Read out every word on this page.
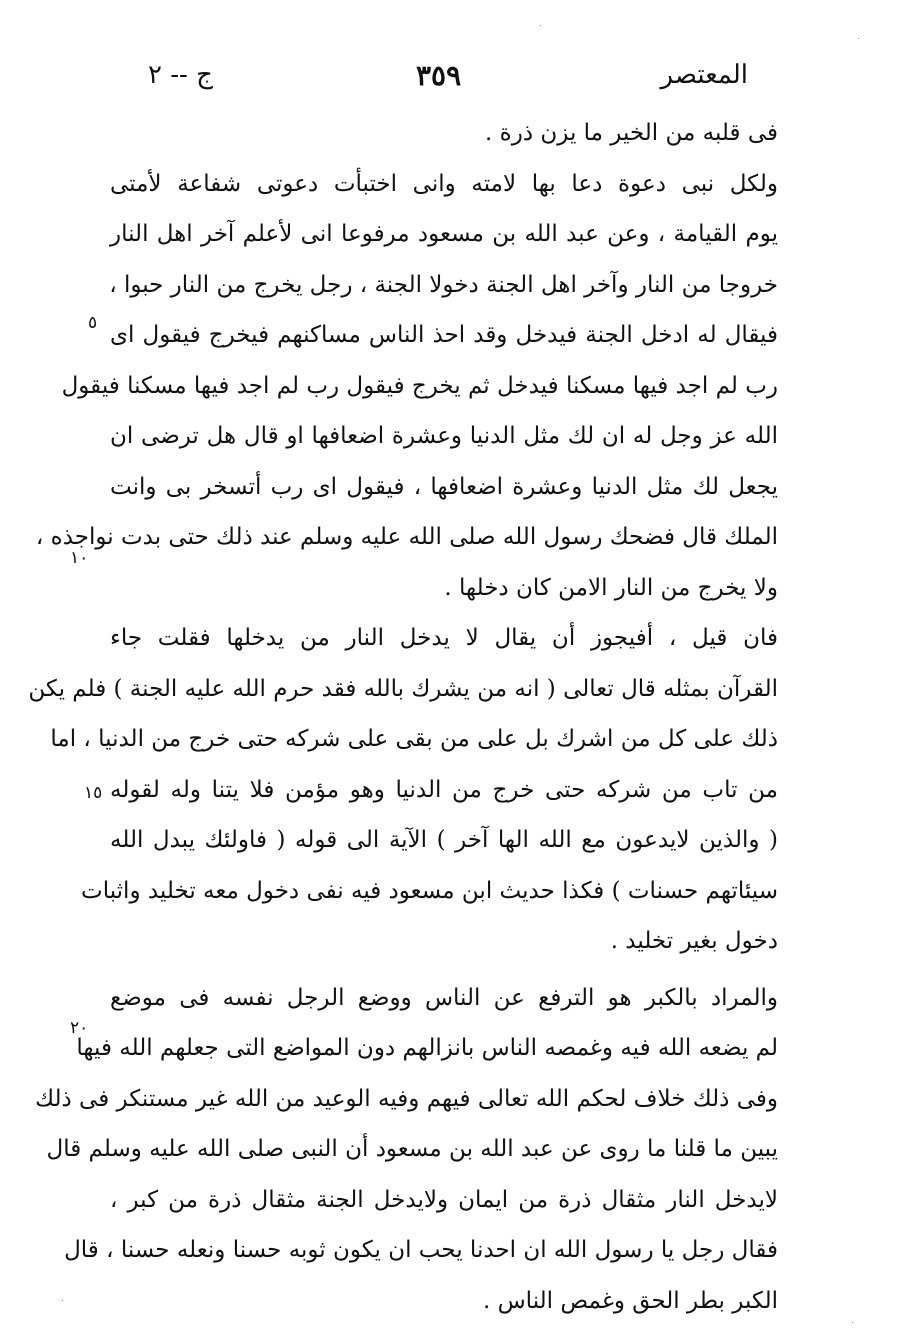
المعتصر
٣٥٩
ج -- ٢
فى قلبه من الخير ما يزن ذرة .
ولكل نبى دعوة دعا بها لامته وانى اختبأت دعوتى شفاعة لأمتى
يوم القيامة ، وعن عبد الله بن مسعود مرفوعا انى لأعلم آخر اهل النار
خروجا من النار وآخر اهل الجنة دخولا الجنة ، رجل يخرج من النار حبوا ،
فيقال له ادخل الجنة فيدخل وقد احذ الناس مساكنهم فيخرج فيقول اى
رب لم اجد فيها مسكنا فيدخل ثم يخرج فيقول رب لم اجد فيها مسكنا فيقول
الله عز وجل له ان لك مثل الدنيا وعشرة اضعافها او قال هل ترضى ان
يجعل لك مثل الدنيا وعشرة اضعافها ، فيقول اى رب أتسخر بى وانت
الملك قال فضحك رسول الله صلى الله عليه وسلم عند ذلك حتى بدت نواجذه ،
ولا يخرج من النار الامن كان دخلها .
فان قيل ، أفيجوز أن يقال لا يدخل النار من يدخلها فقلت جاء
القرآن بمثله قال تعالى ( انه من يشرك بالله فقد حرم الله عليه الجنة ) فلم يكن
ذلك على كل من اشرك بل على من بقى على شركه حتى خرج من الدنيا ، اما
من تاب من شركه حتى خرج من الدنيا وهو مؤمن فلا يتنا وله لقوله
( والذين لايدعون مع الله الها آخر ) الآية الى قوله ( فاولئك يبدل الله
سيئاتهم حسنات ) فكذا حديث ابن مسعود فيه نفى دخول معه تخليد واثبات
دخول بغير تخليد .
والمراد بالكبر هو الترفع عن الناس ووضع الرجل نفسه فى موضع
لم يضعه الله فيه وغمصه الناس بانزالهم دون المواضع التى جعلهم الله فيها
وفى ذلك خلاف لحكم الله تعالى فيهم وفيه الوعيد من الله غير مستنكر فى ذلك
يبين ما قلنا ما روى عن عبد الله بن مسعود أن النبى صلى الله عليه وسلم قال
لايدخل النار مثقال ذرة من ايمان ولايدخل الجنة مثقال ذرة من كبر ،
فقال رجل يا رسول الله ان احدنا يحب ان يكون ثوبه حسنا ونعله حسنا ، قال
الكبر بطر الحق وغمص الناس .
٥
١٠
١٥
٢٠
